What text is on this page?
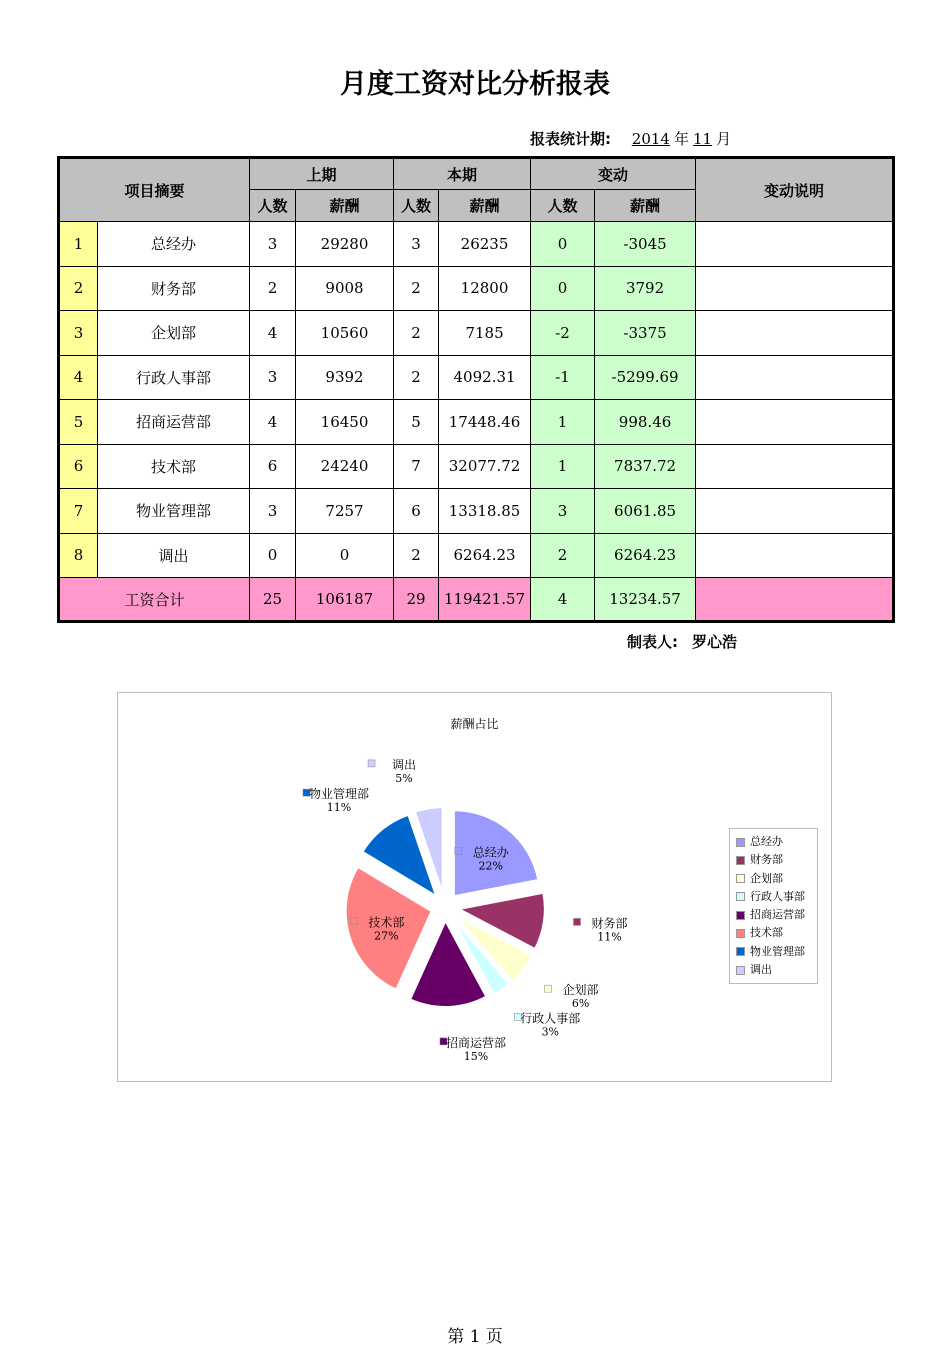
月度工资对比分析报表
报表统计期: 2014 年 11 月
项目摘要		上期		本期		变动		变动说明
		人数	薪酬	人数	薪酬	人数	薪酬	
1	总经办	3	29280	3	26235	0	-3045	
2	财务部	2	9008	2	12800	0	3792	
3	企划部	4	10560	2	7185	-2	-3375	
4	行政人事部	3	9392	2	4092.31	-1	-5299.69	
5	招商运营部	4	16450	5	17448.46	1	998.46	
6	技术部	6	24240	7	32077.72	1	7837.72	
7	物业管理部	3	7257	6	13318.85	3	6061.85	
8	调出	0	0	2	6264.23	2	6264.23	
工资合计		25	106187	29	119421.57	4	13234.57	
制表人: 罗心浩
薪酬占比
总经办
22%
财务部
11%
企划部
6%
行政人事部
3%
招商运营部
15%
技术部
27%
物业管理部
11%
调出
5%
总经办
财务部
企划部
行政人事部
招商运营部
技术部
物业管理部
调出
第 1 页
